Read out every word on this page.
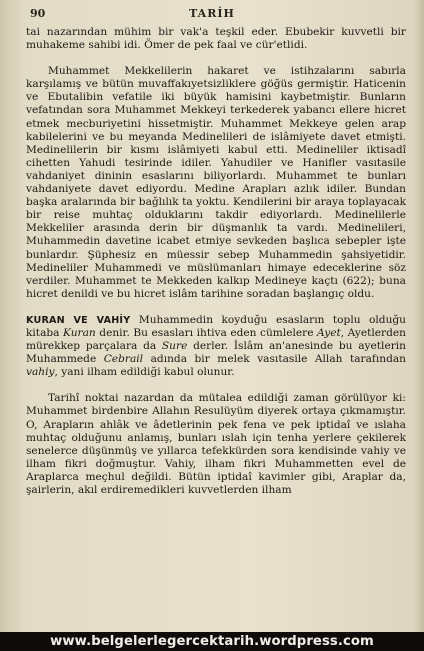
90	TARİH

tai nazarından mühim bir vak'a teşkil eder. Ebubekir kuvvetli bir muhakeme sahibi idi. Ömer de pek faal ve cür'etlidi.

Muhammet Mekkelilerin hakaret ve istihzalarını sabırla karşılamış ve bütün muvaffakıyetsizliklere göğüs germiştir. Haticenin ve Ebutalibin vefatile iki büyük hamisini kaybetmiştir. Bunların vefatından sora Muhammet Mekkeyi terkederek yabancı ellere hicret etmek mecburiyetini hissetmiştir. Muhammet Mekkeye gelen arap kabilelerini ve bu meyanda Medinelileri de islâmiyete davet etmişti. Medinelilerin bir kısmı islâmiyeti kabul etti. Medineliler iktisadî cihetten Yahudi tesirinde idiler. Yahudiler ve Hanifler vasıtasile vahdaniyet dininin esaslarını biliyorlardı. Muhammet te bunları vahdaniyete davet ediyordu. Medine Arapları azlık idiler. Bundan başka aralarında bir bağlılık ta yoktu. Kendilerini bir araya toplayacak bir reise muhtaç olduklarını takdir ediyorlardı. Medinelilerle Mekkeliler arasında derin bir düşmanlık ta vardı. Medinelileri, Muhammedin davetine icabet etmiye sevkeden başlıca sebepler işte bunlardır. Şüphesiz en müessir sebep Muhammedin şahsiyetidir. Medineliler Muhammedi ve müslümanları himaye edeceklerine söz verdiler. Muhammet te Mekkeden kalkıp Medineye kaçtı (622); buna hicret denildi ve bu hicret islâm tarihine soradan başlangıç oldu.

KURAN VE VAHİY Muhammedin koyduğu esasların toplu olduğu kitaba Kuran denir. Bu esasları ihtiva eden cümlelere Ayet, Ayetlerden mürekkep parçalara da Sure derler. İslâm an'anesinde bu ayetlerin Muhammede Cebrail adında bir melek vasıtasile Allah tarafından vahiy, yani ilham edildiği kabul olunur.

Tarihî noktai nazardan da mütalea edildiği zaman görülüyor ki: Muhammet birdenbire Allahın Resulüyüm diyerek ortaya çıkmamıştır. O, Arapların ahlâk ve âdetlerinin pek fena ve pek iptidaî ve ıslaha muhtaç olduğunu anlamış, bunları ıslah için tenha yerlere çekilerek senelerce düşünmüş ve yıllarca tefekkürden sora kendisinde vahiy ve ilham fikri doğmuştur. Vahiy, ilham fikri Muhammetten evel de Araplarca meçhul değildi. Bütün iptidaî kavimler gibi, Araplar da, şairlerin, akıl erdiremedikleri kuvvetlerden ilham

www.belgelerlegercektarih.wordpress.com
